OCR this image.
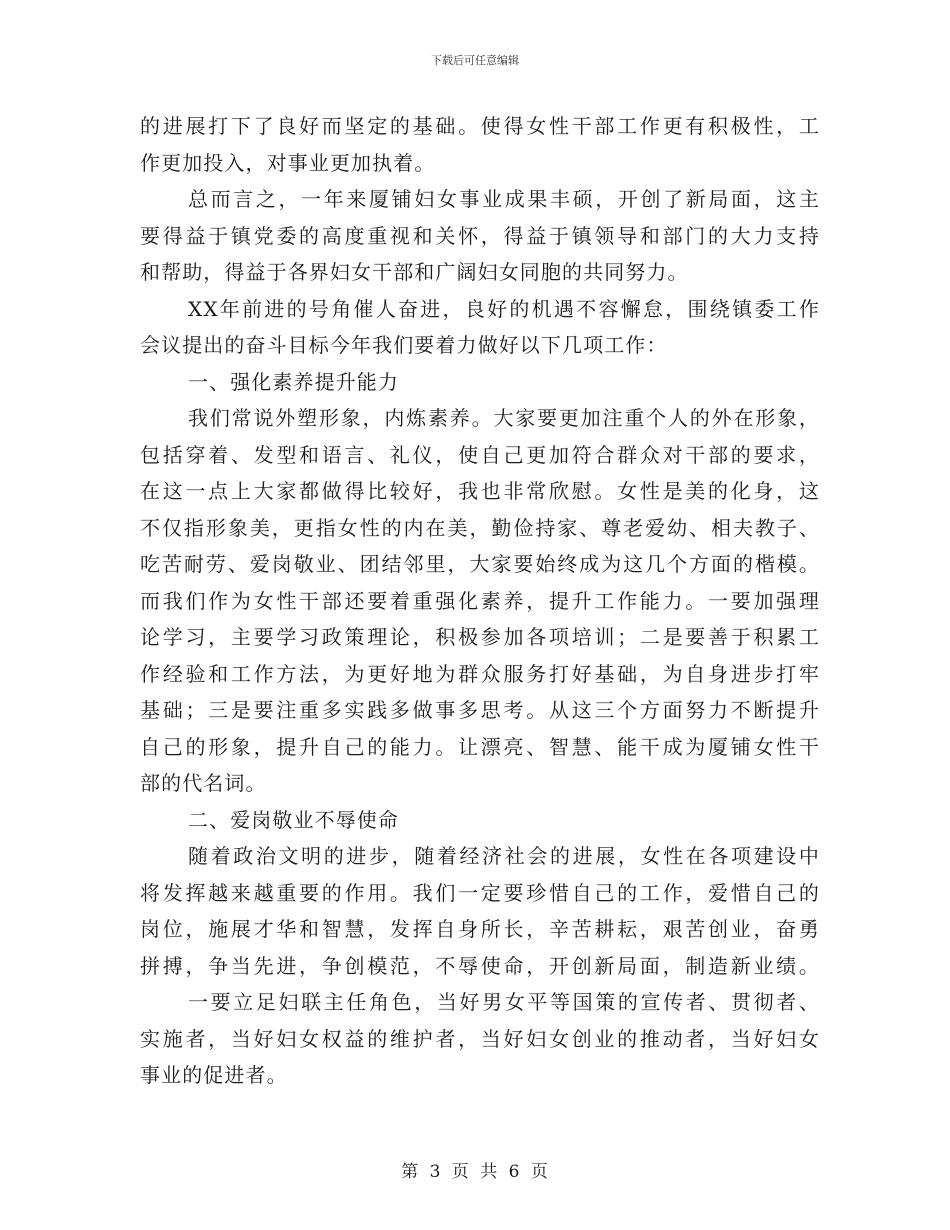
下载后可任意编辑
的进展打下了良好而坚定的基础。使得女性干部工作更有积极性，工
作更加投入，对事业更加执着。
总而言之，一年来厦铺妇女事业成果丰硕，开创了新局面，这主
要得益于镇党委的高度重视和关怀，得益于镇领导和部门的大力支持
和帮助，得益于各界妇女干部和广阔妇女同胞的共同努力。
XX年前进的号角催人奋进，良好的机遇不容懈怠，围绕镇委工作
会议提出的奋斗目标今年我们要着力做好以下几项工作：
一、强化素养提升能力
我们常说外塑形象，内炼素养。大家要更加注重个人的外在形象，
包括穿着、发型和语言、礼仪，使自己更加符合群众对干部的要求，
在这一点上大家都做得比较好，我也非常欣慰。女性是美的化身，这
不仅指形象美，更指女性的内在美，勤俭持家、尊老爱幼、相夫教子、
吃苦耐劳、爱岗敬业、团结邻里，大家要始终成为这几个方面的楷模。
而我们作为女性干部还要着重强化素养，提升工作能力。一要加强理
论学习，主要学习政策理论，积极参加各项培训；二是要善于积累工
作经验和工作方法，为更好地为群众服务打好基础，为自身进步打牢
基础；三是要注重多实践多做事多思考。从这三个方面努力不断提升
自己的形象，提升自己的能力。让漂亮、智慧、能干成为厦铺女性干
部的代名词。
二、爱岗敬业不辱使命
随着政治文明的进步，随着经济社会的进展，女性在各项建设中
将发挥越来越重要的作用。我们一定要珍惜自己的工作，爱惜自己的
岗位，施展才华和智慧，发挥自身所长，辛苦耕耘，艰苦创业，奋勇
拼搏，争当先进，争创模范，不辱使命，开创新局面，制造新业绩。
一要立足妇联主任角色，当好男女平等国策的宣传者、贯彻者、
实施者，当好妇女权益的维护者，当好妇女创业的推动者，当好妇女
事业的促进者。
第 3 页 共 6 页
